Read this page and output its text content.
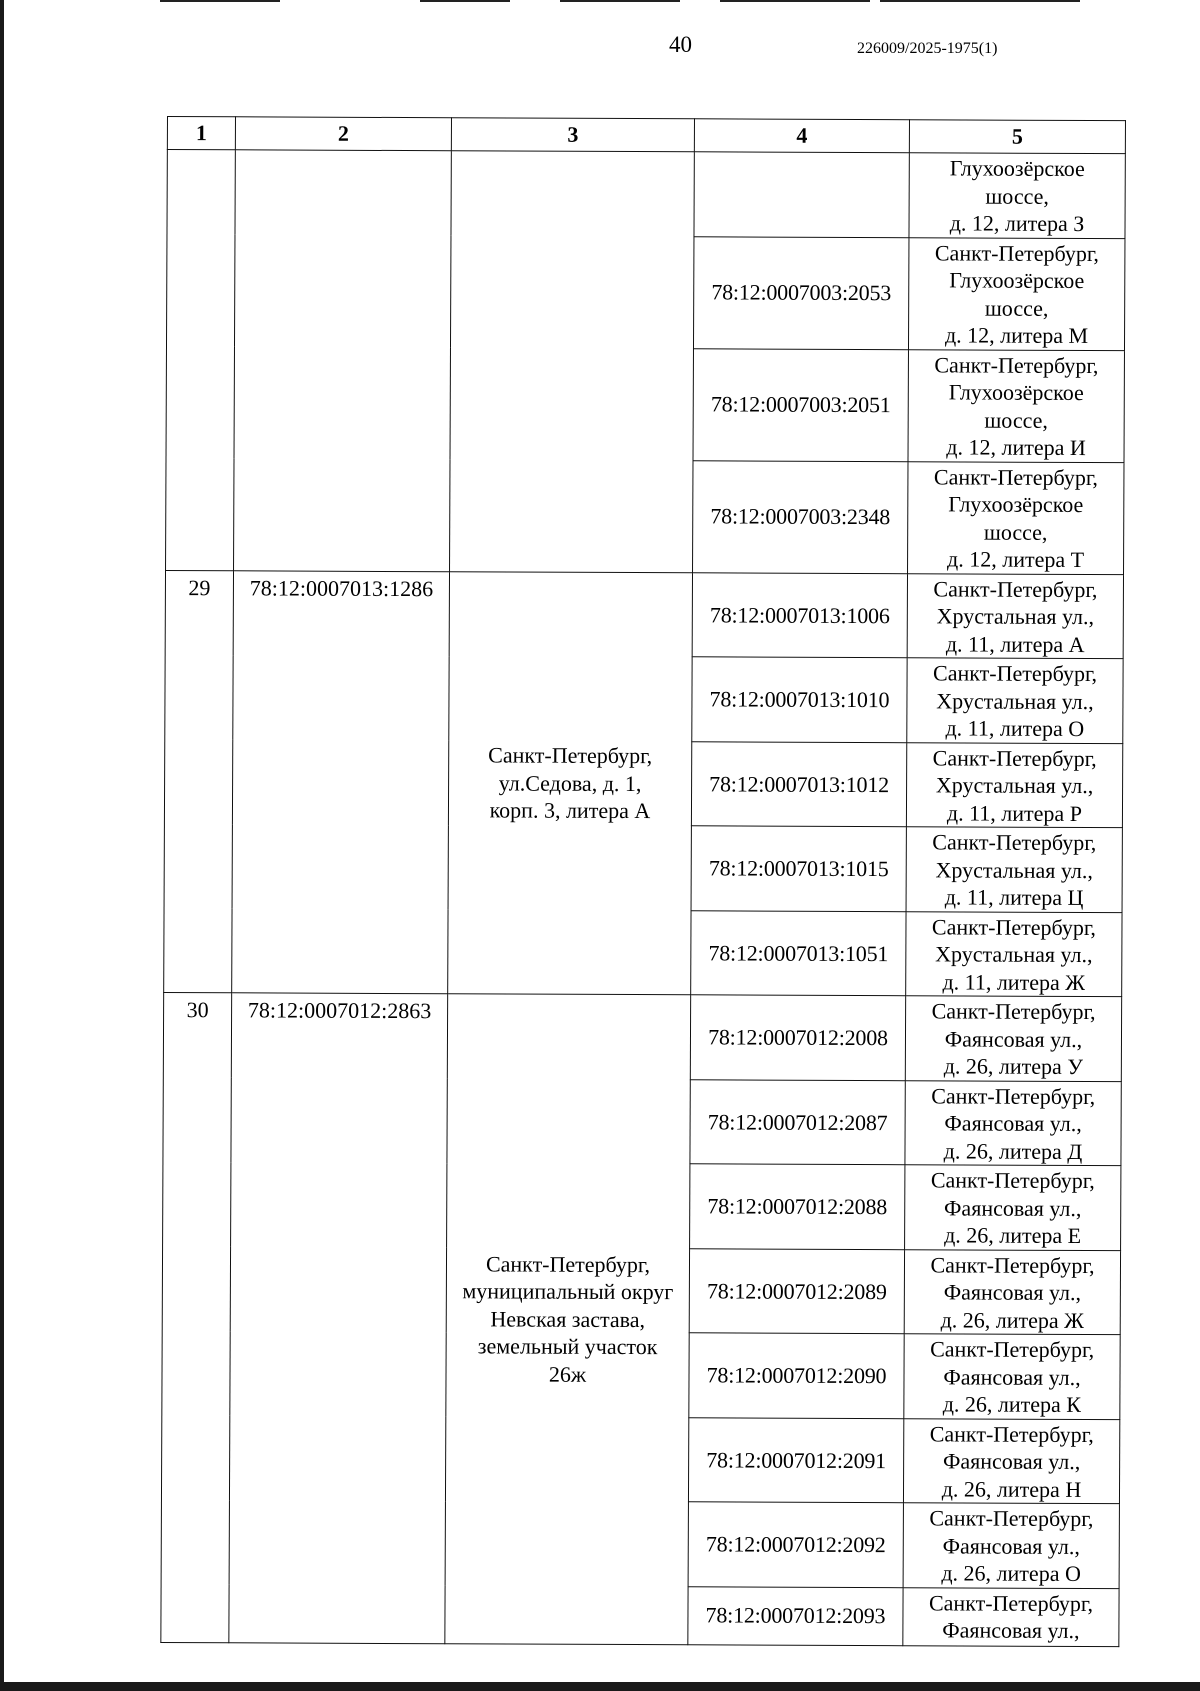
40	226009/2025-1975(1)
1	2	3	4	5
				Глухоозёрское
шоссе,
д. 12, литера З
			78:12:0007003:2053	Санкт-Петербург,
Глухоозёрское
шоссе,
д. 12, литера М
			78:12:0007003:2051	Санкт-Петербург,
Глухоозёрское
шоссе,
д. 12, литера И
			78:12:0007003:2348	Санкт-Петербург,
Глухоозёрское
шоссе,
д. 12, литера Т
29	78:12:0007013:1286	Санкт-Петербург,
ул.Седова, д. 1,
корп. 3, литера А	78:12:0007013:1006	Санкт-Петербург,
Хрустальная ул.,
д. 11, литера А
			78:12:0007013:1010	Санкт-Петербург,
Хрустальная ул.,
д. 11, литера О
			78:12:0007013:1012	Санкт-Петербург,
Хрустальная ул.,
д. 11, литера Р
			78:12:0007013:1015	Санкт-Петербург,
Хрустальная ул.,
д. 11, литера Ц
			78:12:0007013:1051	Санкт-Петербург,
Хрустальная ул.,
д. 11, литера Ж
30	78:12:0007012:2863	Санкт-Петербург,
муниципальный округ
Невская застава,
земельный участок
26ж	78:12:0007012:2008	Санкт-Петербург,
Фаянсовая ул.,
д. 26, литера У
			78:12:0007012:2087	Санкт-Петербург,
Фаянсовая ул.,
д. 26, литера Д
			78:12:0007012:2088	Санкт-Петербург,
Фаянсовая ул.,
д. 26, литера Е
			78:12:0007012:2089	Санкт-Петербург,
Фаянсовая ул.,
д. 26, литера Ж
			78:12:0007012:2090	Санкт-Петербург,
Фаянсовая ул.,
д. 26, литера К
			78:12:0007012:2091	Санкт-Петербург,
Фаянсовая ул.,
д. 26, литера Н
			78:12:0007012:2092	Санкт-Петербург,
Фаянсовая ул.,
д. 26, литера О
			78:12:0007012:2093	Санкт-Петербург,
Фаянсовая ул.,
